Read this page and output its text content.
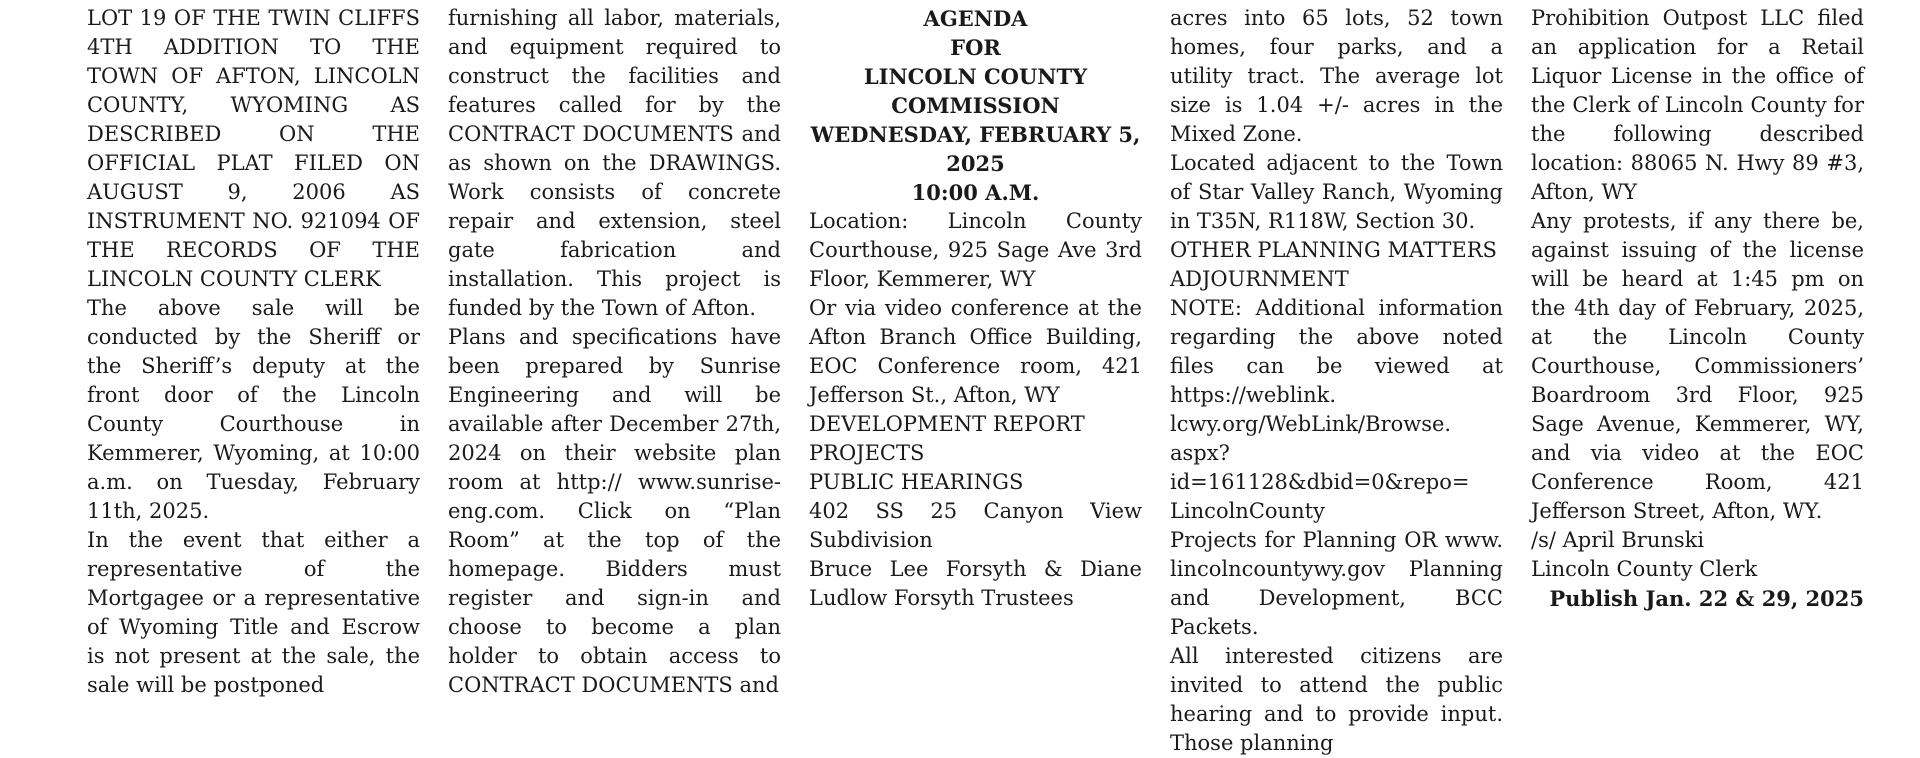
LOT 19 OF THE TWIN CLIFFS 4TH ADDITION TO THE TOWN OF AFTON, LINCOLN COUNTY, WYOMING AS DESCRIBED ON THE OFFICIAL PLAT FILED ON AUGUST 9, 2006 AS INSTRUMENT NO. 921094 OF THE RECORDS OF THE LINCOLN COUNTY CLERK

The above sale will be conducted by the Sheriff or the Sheriff’s deputy at the front door of the Lincoln County Courthouse in Kemmerer, Wyoming, at 10:00 a.m. on Tuesday, February 11th, 2025.

In the event that either a representative of the Mortgagee or a representative of Wyoming Title and Escrow is not present at the sale, the sale will be postponed

furnishing all labor, materials, and equipment required to construct the facilities and features called for by the CONTRACT DOCUMENTS and as shown on the DRAWINGS. Work consists of concrete repair and extension, steel gate fabrication and installation. This project is funded by the Town of Afton.

Plans and specifications have been prepared by Sunrise Engineering and will be available after December 27th, 2024 on their website plan room at http:// www.sunrise-eng.com. Click on “Plan Room” at the top of the homepage. Bidders must register and sign-in and choose to become a plan holder to obtain access to CONTRACT DOCUMENTS and

AGENDA

FOR

LINCOLN COUNTY

COMMISSION

WEDNESDAY, FEBRUARY 5,

2025

10:00 A.M.

Location: Lincoln County Courthouse, 925 Sage Ave 3rd Floor, Kemmerer, WY

Or via video conference at the Afton Branch Office Building, EOC Conference room, 421 Jefferson St., Afton, WY

DEVELOPMENT REPORT

PROJECTS

PUBLIC HEARINGS

402 SS 25 Canyon View Subdivision

Bruce Lee Forsyth & Diane Ludlow Forsyth Trustees

acres into 65 lots, 52 town homes, four parks, and a utility tract. The average lot size is 1.04 +/- acres in the Mixed Zone.

Located adjacent to the Town of Star Valley Ranch, Wyoming in T35N, R118W, Section 30.

OTHER PLANNING MATTERS

ADJOURNMENT

NOTE: Additional information regarding the above noted files can be viewed at https://weblink. lcwy.org/WebLink/Browse. aspx?id=161128&dbid=0&repo= LincolnCounty

Projects for Planning OR www. lincolncountywy.gov Planning and Development, BCC Packets.

All interested citizens are invited to attend the public hearing and to provide input. Those planning

Prohibition Outpost LLC filed an application for a Retail Liquor License in the office of the Clerk of Lincoln County for the following described location: 88065 N. Hwy 89 #3, Afton, WY

Any protests, if any there be, against issuing of the license will be heard at 1:45 pm on the 4th day of February, 2025, at the Lincoln County Courthouse, Commissioners’ Boardroom 3rd Floor, 925 Sage Avenue, Kemmerer, WY, and via video at the EOC Conference Room, 421 Jefferson Street, Afton, WY.

/s/ April Brunski

Lincoln County Clerk

Publish Jan. 22 & 29, 2025
